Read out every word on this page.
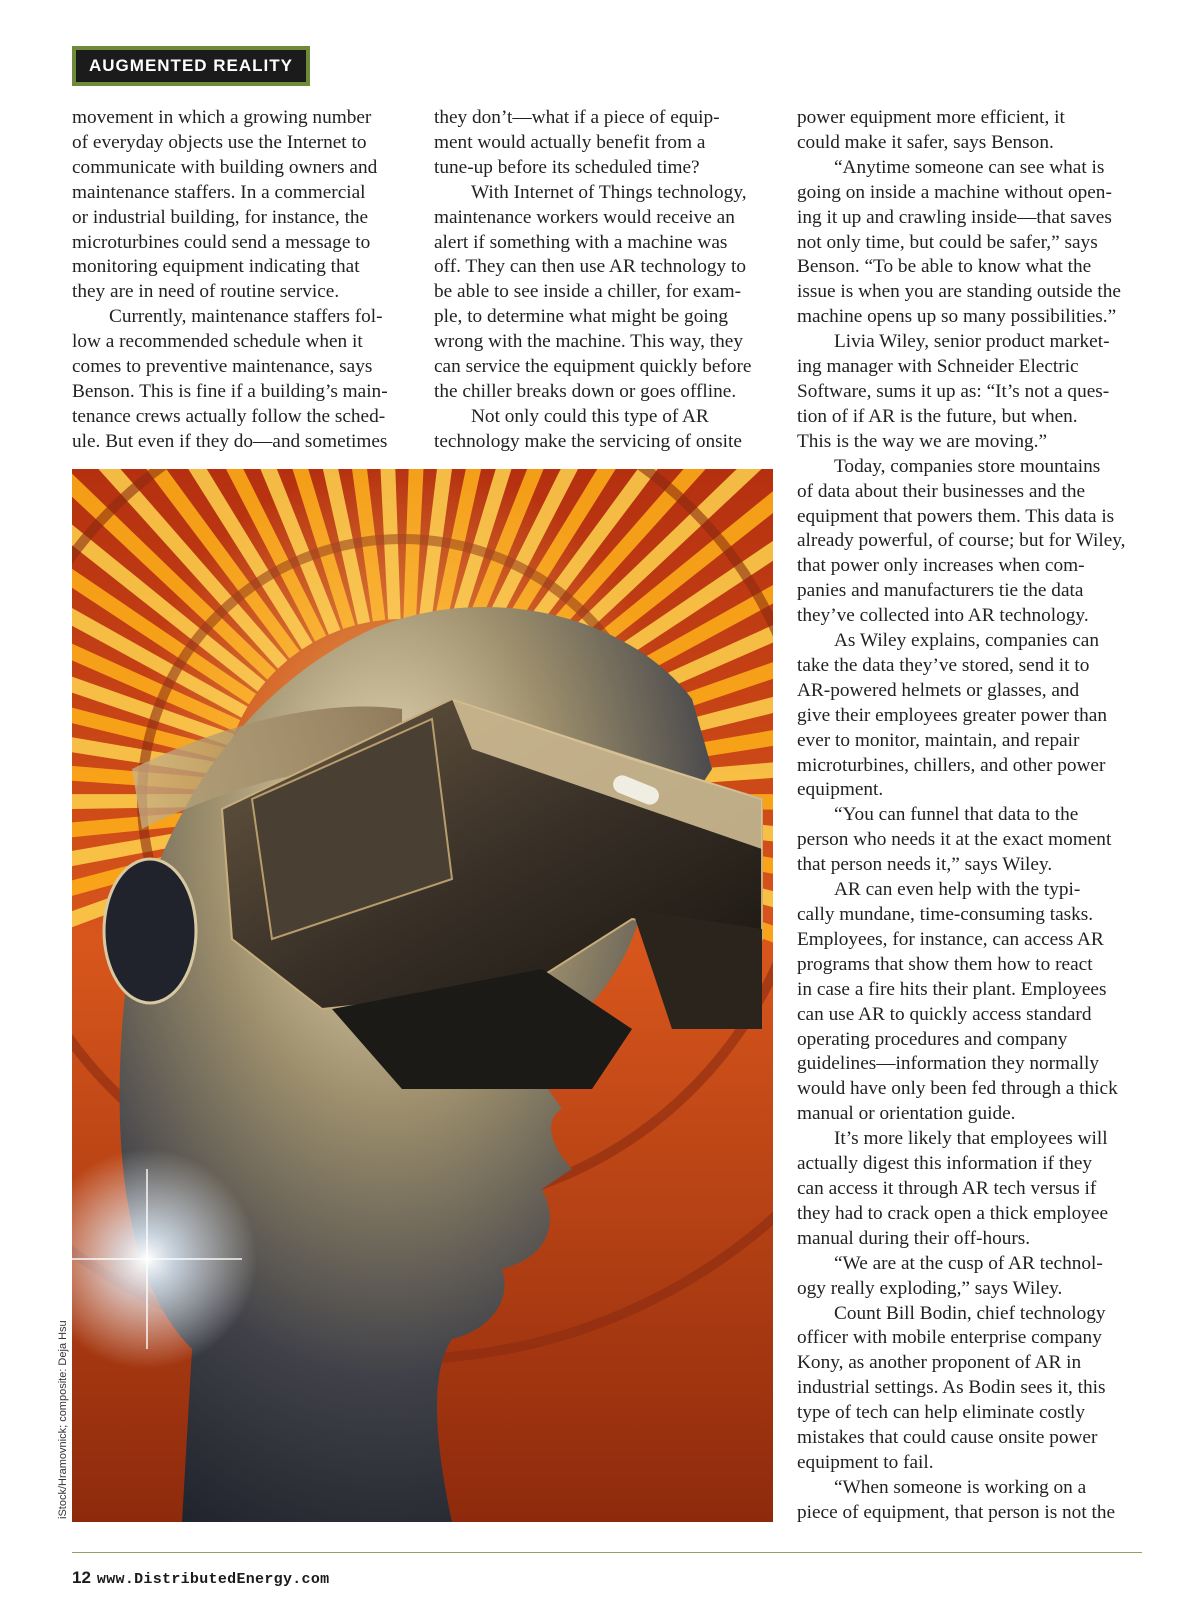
AUGMENTED REALITY
movement in which a growing number
of everyday objects use the Internet to
communicate with building owners and
maintenance staffers. In a commercial
or industrial building, for instance, the
microturbines could send a message to
monitoring equipment indicating that
they are in need of routine service.
Currently, maintenance staffers fol-
low a recommended schedule when it
comes to preventive maintenance, says
Benson. This is fine if a building’s main-
tenance crews actually follow the sched-
ule. But even if they do—and sometimes
they don’t—what if a piece of equip-
ment would actually benefit from a
tune-up before its scheduled time?
With Internet of Things technology,
maintenance workers would receive an
alert if something with a machine was
off. They can then use AR technology to
be able to see inside a chiller, for exam-
ple, to determine what might be going
wrong with the machine. This way, they
can service the equipment quickly before
the chiller breaks down or goes offline.
Not only could this type of AR
technology make the servicing of onsite
power equipment more efficient, it
could make it safer, says Benson.
“Anytime someone can see what is
going on inside a machine without open-
ing it up and crawling inside—that saves
not only time, but could be safer,” says
Benson. “To be able to know what the
issue is when you are standing outside the
machine opens up so many possibilities.”
Livia Wiley, senior product market-
ing manager with Schneider Electric
Software, sums it up as: “It’s not a ques-
tion of if AR is the future, but when.
This is the way we are moving.”
Today, companies store mountains
of data about their businesses and the
equipment that powers them. This data is
already powerful, of course; but for Wiley,
that power only increases when com-
panies and manufacturers tie the data
they’ve collected into AR technology.
As Wiley explains, companies can
take the data they’ve stored, send it to
AR-powered helmets or glasses, and
give their employees greater power than
ever to monitor, maintain, and repair
microturbines, chillers, and other power
equipment.
“You can funnel that data to the
person who needs it at the exact moment
that person needs it,” says Wiley.
AR can even help with the typi-
cally mundane, time-consuming tasks.
Employees, for instance, can access AR
programs that show them how to react
in case a fire hits their plant. Employees
can use AR to quickly access standard
operating procedures and company
guidelines—information they normally
would have only been fed through a thick
manual or orientation guide.
It’s more likely that employees will
actually digest this information if they
can access it through AR tech versus if
they had to crack open a thick employee
manual during their off-hours.
“We are at the cusp of AR technol-
ogy really exploding,” says Wiley.
Count Bill Bodin, chief technology
officer with mobile enterprise company
Kony, as another proponent of AR in
industrial settings. As Bodin sees it, this
type of tech can help eliminate costly
mistakes that could cause onsite power
equipment to fail.
“When someone is working on a
piece of equipment, that person is not the
iStock/Hramovnick; composite: Deja Hsu
12 www.DistributedEnergy.com
